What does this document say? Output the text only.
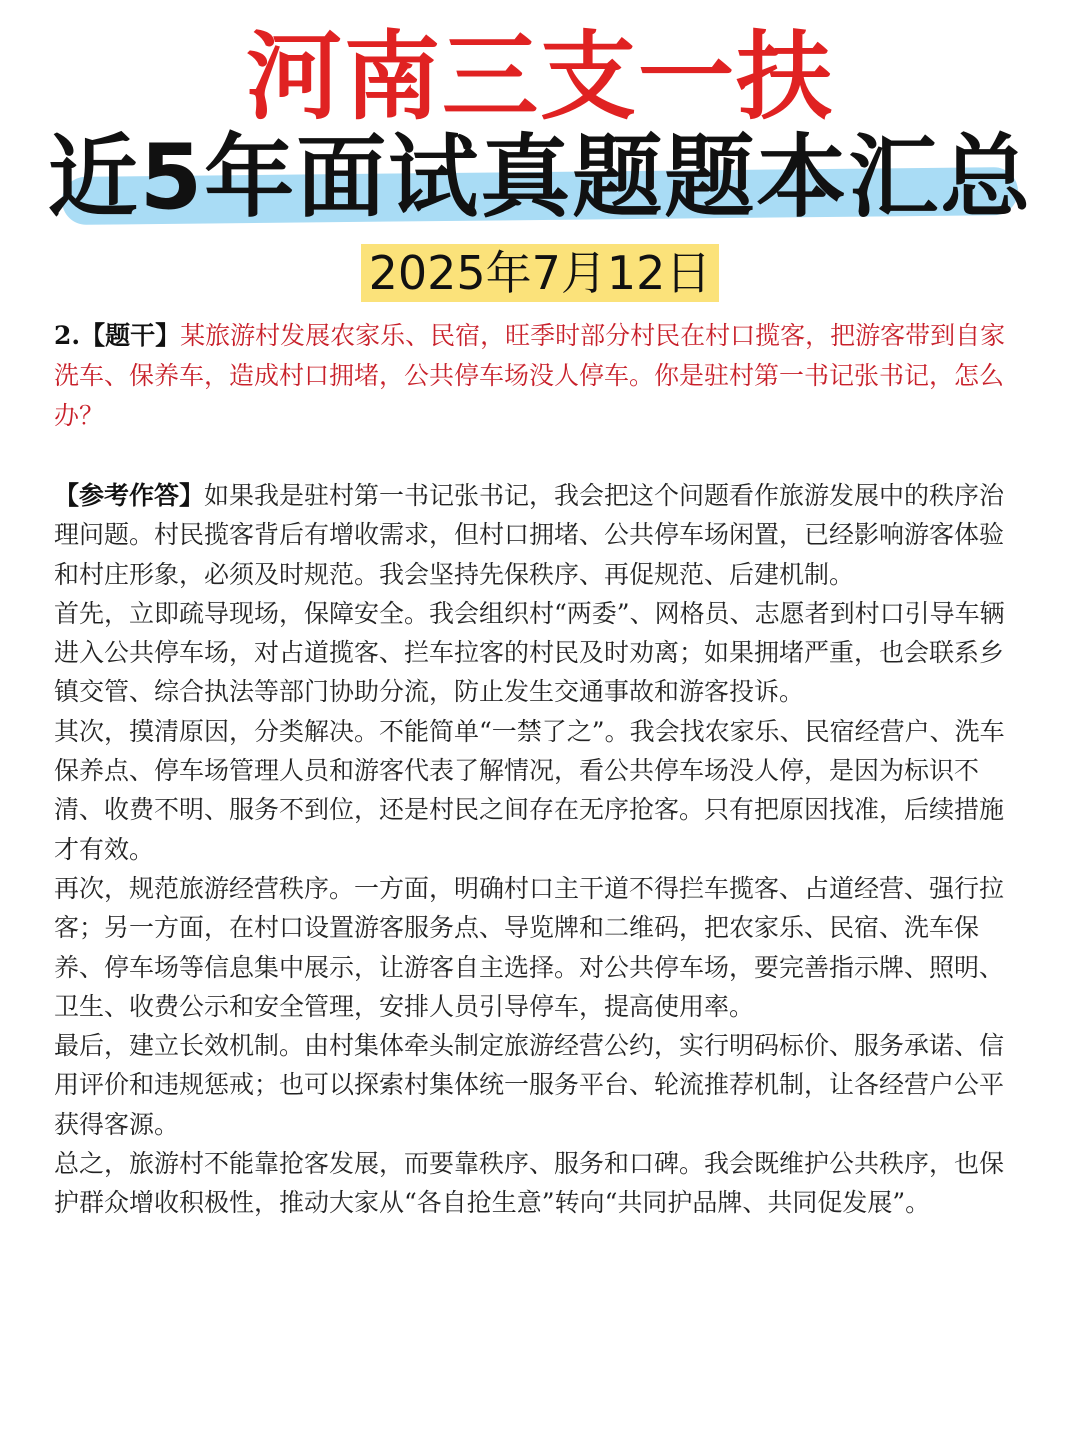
河南三支一扶
近5年面试真题题本汇总
2025年7月12日
2.【题干】某旅游村发展农家乐、民宿，旺季时部分村民在村口揽客，把游客带到自家洗车、保养车，造成村口拥堵，公共停车场没人停车。你是驻村第一书记张书记，怎么办？

【参考作答】如果我是驻村第一书记张书记，我会把这个问题看作旅游发展中的秩序治理问题。村民揽客背后有增收需求，但村口拥堵、公共停车场闲置，已经影响游客体验和村庄形象，必须及时规范。我会坚持先保秩序、再促规范、后建机制。

首先，立即疏导现场，保障安全。我会组织村“两委”、网格员、志愿者到村口引导车辆进入公共停车场，对占道揽客、拦车拉客的村民及时劝离；如果拥堵严重，也会联系乡镇交管、综合执法等部门协助分流，防止发生交通事故和游客投诉。

其次，摸清原因，分类解决。不能简单“一禁了之”。我会找农家乐、民宿经营户、洗车保养点、停车场管理人员和游客代表了解情况，看公共停车场没人停，是因为标识不清、收费不明、服务不到位，还是村民之间存在无序抢客。只有把原因找准，后续措施才有效。

再次，规范旅游经营秩序。一方面，明确村口主干道不得拦车揽客、占道经营、强行拉客；另一方面，在村口设置游客服务点、导览牌和二维码，把农家乐、民宿、洗车保养、停车场等信息集中展示，让游客自主选择。对公共停车场，要完善指示牌、照明、卫生、收费公示和安全管理，安排人员引导停车，提高使用率。

最后，建立长效机制。由村集体牵头制定旅游经营公约，实行明码标价、服务承诺、信用评价和违规惩戒；也可以探索村集体统一服务平台、轮流推荐机制，让各经营户公平获得客源。

总之，旅游村不能靠抢客发展，而要靠秩序、服务和口碑。我会既维护公共秩序，也保护群众增收积极性，推动大家从“各自抢生意”转向“共同护品牌、共同促发展”。
